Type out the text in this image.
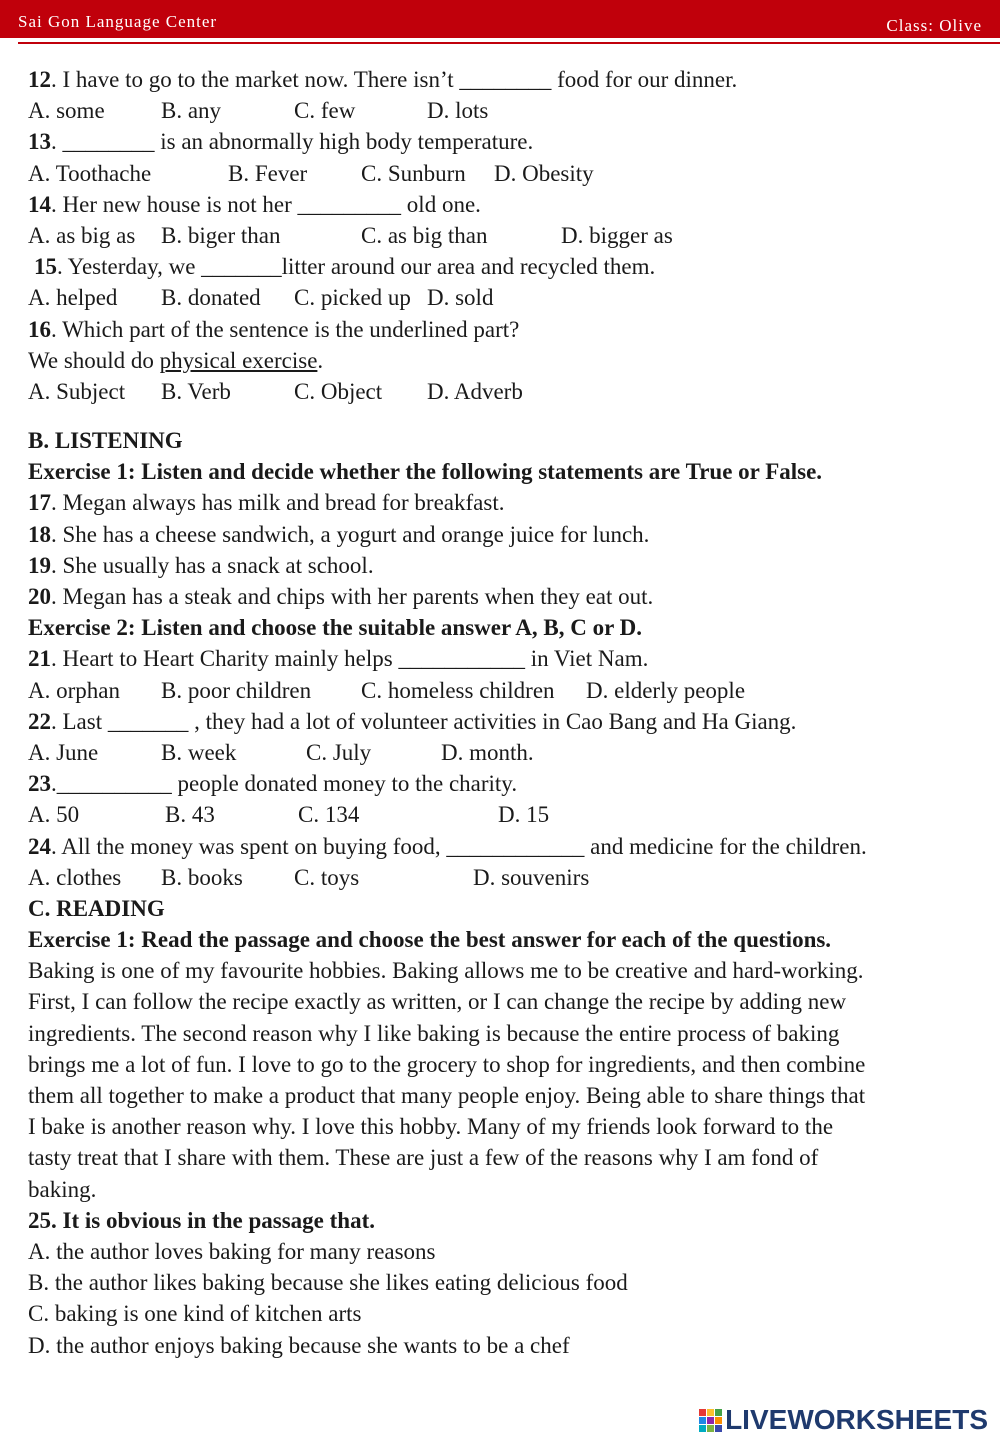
Sai Gon Language Center	Class: Olive
12. I have to go to the market now. There isn’t ________ food for our dinner.
A. some B. any	C. few	D. lots
13. ________ is an abnormally high body temperature.
A. Toothache	B. Fever C. Sunburn D. Obesity
14. Her new house is not her _________ old one.
A. as big as B. biger than	C. as big than	D. bigger as
15. Yesterday, we _______litter around our area and recycled them.
A. helped B. donated C. picked up D. sold
16. Which part of the sentence is the underlined part?
We should do physical exercise.
A. Subject B. Verb	C. Object D. Adverb
B. LISTENING
Exercise 1: Listen and decide whether the following statements are True or False.
17. Megan always has milk and bread for breakfast.
18. She has a cheese sandwich, a yogurt and orange juice for lunch.
19. She usually has a snack at school.
20. Megan has a steak and chips with her parents when they eat out.
Exercise 2: Listen and choose the suitable answer A, B, C or D.
21. Heart to Heart Charity mainly helps ___________ in Viet Nam.
A. orphan B. poor children C. homeless children D. elderly people
22. Last _______ , they had a lot of volunteer activities in Cao Bang and Ha Giang.
A. June	B. week	C. July	D. month.
23.__________ people donated money to the charity.
A. 50	B. 43	C. 134	D. 15
24. All the money was spent on buying food, ____________ and medicine for the children.
A. clothes B. books C. toys	D. souvenirs
C. READING
Exercise 1: Read the passage and choose the best answer for each of the questions.
Baking is one of my favourite hobbies. Baking allows me to be creative and hard-working.
First, I can follow the recipe exactly as written, or I can change the recipe by adding new
ingredients. The second reason why I like baking is because the entire process of baking
brings me a lot of fun. I love to go to the grocery to shop for ingredients, and then combine
them all together to make a product that many people enjoy. Being able to share things that
I bake is another reason why. I love this hobby. Many of my friends look forward to the
tasty treat that I share with them. These are just a few of the reasons why I am fond of
baking.
25. It is obvious in the passage that.
A. the author loves baking for many reasons
B. the author likes baking because she likes eating delicious food
C. baking is one kind of kitchen arts
D. the author enjoys baking because she wants to be a chef
LIVEWORKSHEETS
